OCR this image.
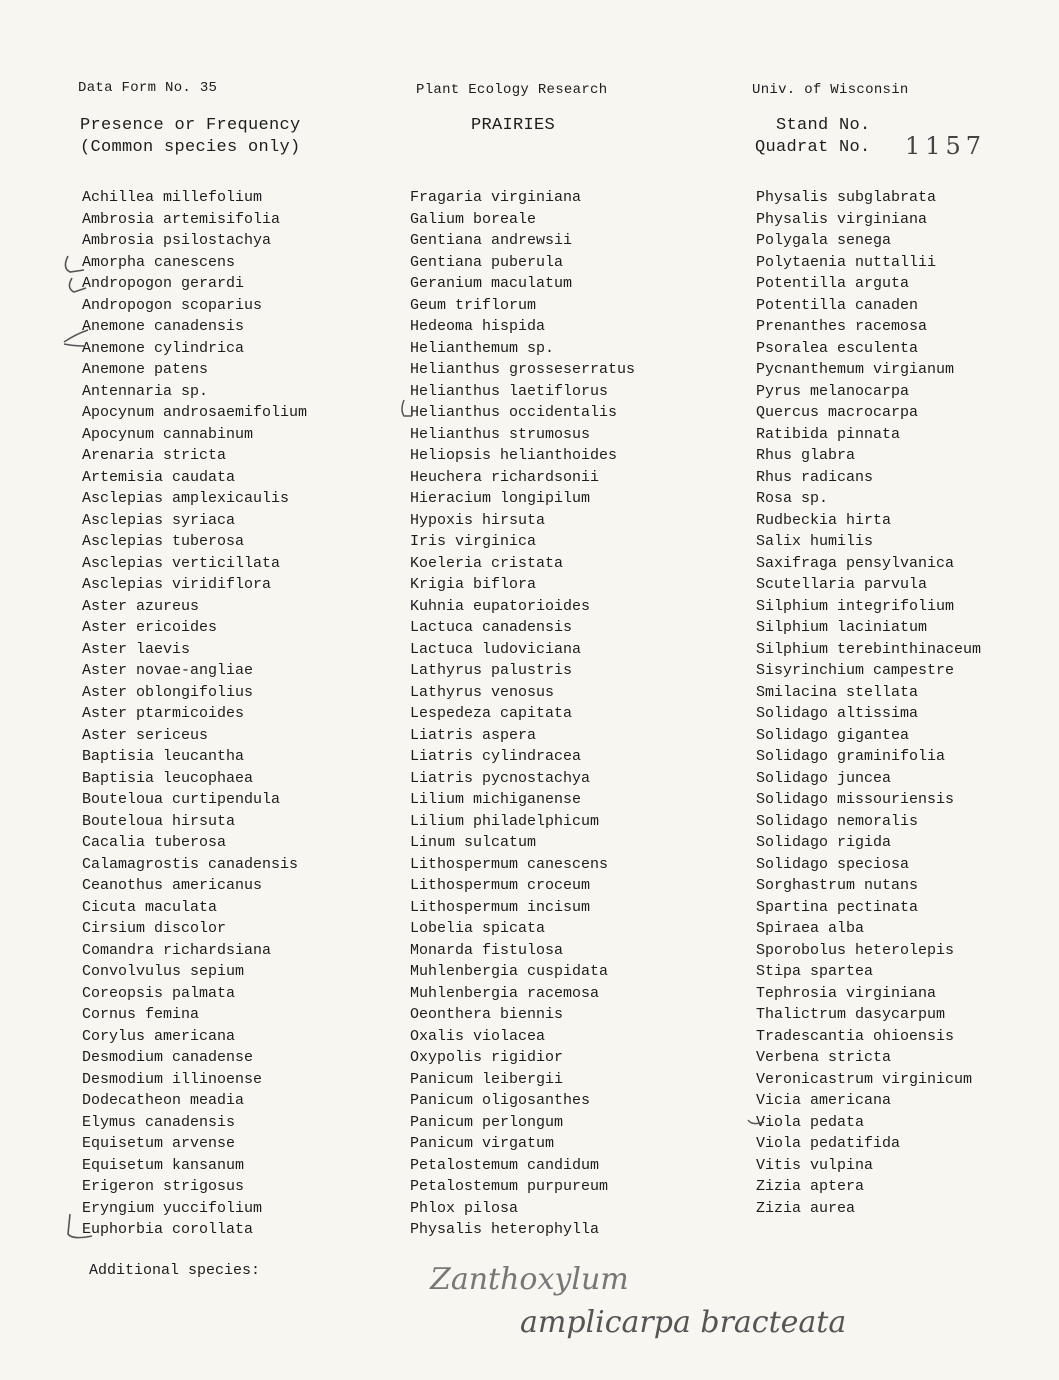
Data Form No. 35	Plant Ecology Research	Univ. of Wisconsin
Presence or Frequency
(Common species only)
PRAIRIES	Stand No.
Quadrat No. 1157
Achillea millefolium
Ambrosia artemisifolia
Ambrosia psilostachya
Amorpha canescens
Andropogon gerardi
Andropogon scoparius
Anemone canadensis
Anemone cylindrica
Anemone patens
Antennaria sp.
Apocynum androsaemifolium
Apocynum cannabinum
Arenaria stricta
Artemisia caudata
Asclepias amplexicaulis
Asclepias syriaca
Asclepias tuberosa
Asclepias verticillata
Asclepias viridiflora
Aster azureus
Aster ericoides
Aster laevis
Aster novae-angliae
Aster oblongifolius
Aster ptarmicoides
Aster sericeus
Baptisia leucantha
Baptisia leucophaea
Bouteloua curtipendula
Bouteloua hirsuta
Cacalia tuberosa
Calamagrostis canadensis
Ceanothus americanus
Cicuta maculata
Cirsium discolor
Comandra richardsiana
Convolvulus sepium
Coreopsis palmata
Cornus femina
Corylus americana
Desmodium canadense
Desmodium illinoense
Dodecatheon meadia
Elymus canadensis
Equisetum arvense
Equisetum kansanum
Erigeron strigosus
Eryngium yuccifolium
Euphorbia corollata
Fragaria virginiana
Galium boreale
Gentiana andrewsii
Gentiana puberula
Geranium maculatum
Geum triflorum
Hedeoma hispida
Helianthemum sp.
Helianthus grosseserratus
Helianthus laetiflorus
Helianthus occidentalis
Helianthus strumosus
Heliopsis helianthoides
Heuchera richardsonii
Hieracium longipilum
Hypoxis hirsuta
Iris virginica
Koeleria cristata
Krigia biflora
Kuhnia eupatorioides
Lactuca canadensis
Lactuca ludoviciana
Lathyrus palustris
Lathyrus venosus
Lespedeza capitata
Liatris aspera
Liatris cylindracea
Liatris pycnostachya
Lilium michiganense
Lilium philadelphicum
Linum sulcatum
Lithospermum canescens
Lithospermum croceum
Lithospermum incisum
Lobelia spicata
Monarda fistulosa
Muhlenbergia cuspidata
Muhlenbergia racemosa
Oeonthera biennis
Oxalis violacea
Oxypolis rigidior
Panicum leibergii
Panicum oligosanthes
Panicum perlongum
Panicum virgatum
Petalostemum candidum
Petalostemum purpureum
Phlox pilosa
Physalis heterophylla
Physalis subglabrata
Physalis virginiana
Polygala senega
Polytaenia nuttallii
Potentilla arguta
Potentilla canaden
Prenanthes racemosa
Psoralea esculenta
Pycnanthemum virgianum
Pyrus melanocarpa
Quercus macrocarpa
Ratibida pinnata
Rhus glabra
Rhus radicans
Rosa sp.
Rudbeckia hirta
Salix humilis
Saxifraga pensylvanica
Scutellaria parvula
Silphium integrifolium
Silphium laciniatum
Silphium terebinthinaceum
Sisyrinchium campestre
Smilacina stellata
Solidago altissima
Solidago gigantea
Solidago graminifolia
Solidago juncea
Solidago missouriensis
Solidago nemoralis
Solidago rigida
Solidago speciosa
Sorghastrum nutans
Spartina pectinata
Spiraea alba
Sporobolus heterolepis
Stipa spartea
Tephrosia virginiana
Thalictrum dasycarpum
Tradescantia ohioensis
Verbena stricta
Veronicastrum virginicum
Vicia americana
Viola pedata
Viola pedatifida
Vitis vulpina
Zizia aptera
Zizia aurea
Additional species:	Zanthoxylum
amplicarpa bracteata
